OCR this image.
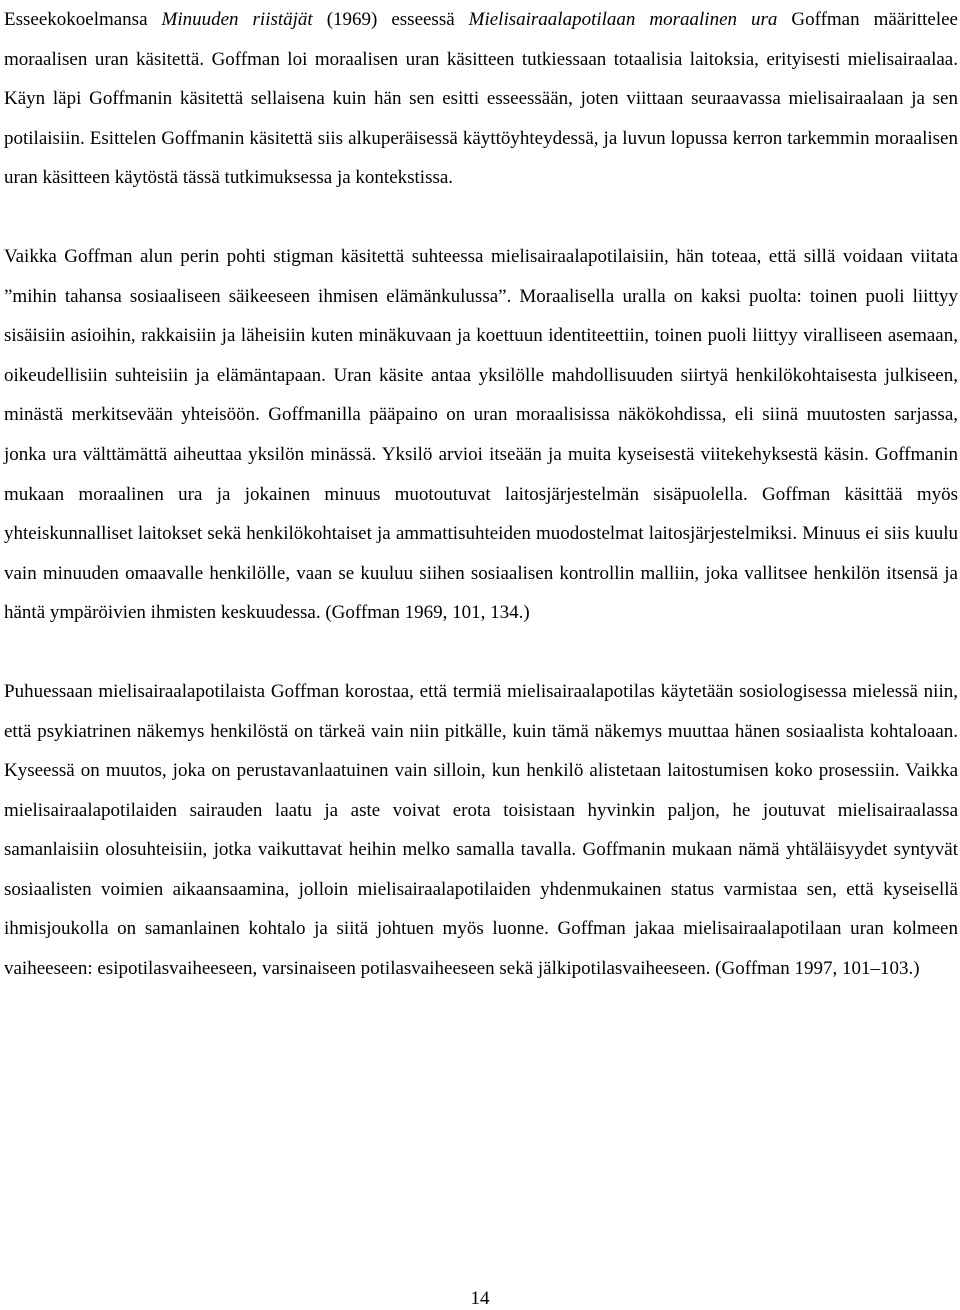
Esseekokoelmansa Minuuden riistäjät (1969) esseessä Mielisairaalapotilaan moraalinen ura Goffman määrittelee moraalisen uran käsitettä. Goffman loi moraalisen uran käsitteen tutkiessaan totaalisia laitoksia, erityisesti mielisairaalaa. Käyn läpi Goffmanin käsitettä sellaisena kuin hän sen esitti esseessään, joten viittaan seuraavassa mielisairaalaan ja sen potilaisiin. Esittelen Goffmanin käsitettä siis alkuperäisessä käyttöyhteydessä, ja luvun lopussa kerron tarkemmin moraalisen uran käsitteen käytöstä tässä tutkimuksessa ja kontekstissa.

Vaikka Goffman alun perin pohti stigman käsitettä suhteessa mielisairaalapotilaisiin, hän toteaa, että sillä voidaan viitata ”mihin tahansa sosiaaliseen säikeeseen ihmisen elämänkulussa”. Moraalisella uralla on kaksi puolta: toinen puoli liittyy sisäisiin asioihin, rakkaisiin ja läheisiin kuten minäkuvaan ja koettuun identiteettiin, toinen puoli liittyy viralliseen asemaan, oikeudellisiin suhteisiin ja elämäntapaan. Uran käsite antaa yksilölle mahdollisuuden siirtyä henkilökohtaisesta julkiseen, minästä merkitsevään yhteisöön. Goffmanilla pääpaino on uran moraalisissa näkökohdissa, eli siinä muutosten sarjassa, jonka ura välttämättä aiheuttaa yksilön minässä. Yksilö arvioi itseään ja muita kyseisestä viitekehyksestä käsin. Goffmanin mukaan moraalinen ura ja jokainen minuus muotoutuvat laitosjärjestelmän sisäpuolella. Goffman käsittää myös yhteiskunnalliset laitokset sekä henkilökohtaiset ja ammattisuhteiden muodostelmat laitosjärjestelmiksi. Minuus ei siis kuulu vain minuuden omaavalle henkilölle, vaan se kuuluu siihen sosiaalisen kontrollin malliin, joka vallitsee henkilön itsensä ja häntä ympäröivien ihmisten keskuudessa. (Goffman 1969, 101, 134.)

Puhuessaan mielisairaalapotilaista Goffman korostaa, että termiä mielisairaalapotilas käytetään sosiologisessa mielessä niin, että psykiatrinen näkemys henkilöstä on tärkeä vain niin pitkälle, kuin tämä näkemys muuttaa hänen sosiaalista kohtaloaan. Kyseessä on muutos, joka on perustavanlaatuinen vain silloin, kun henkilö alistetaan laitostumisen koko prosessiin. Vaikka mielisairaalapotilaiden sairauden laatu ja aste voivat erota toisistaan hyvinkin paljon, he joutuvat mielisairaalassa samanlaisiin olosuhteisiin, jotka vaikuttavat heihin melko samalla tavalla. Goffmanin mukaan nämä yhtäläisyydet syntyvät sosiaalisten voimien aikaansaamina, jolloin mielisairaalapotilaiden yhdenmukainen status varmistaa sen, että kyseisellä ihmisjoukolla on samanlainen kohtalo ja siitä johtuen myös luonne. Goffman jakaa mielisairaalapotilaan uran kolmeen vaiheeseen: esipotilasvaiheeseen, varsinaiseen potilasvaiheeseen sekä jälkipotilasvaiheeseen. (Goffman 1997, 101–103.)

14
